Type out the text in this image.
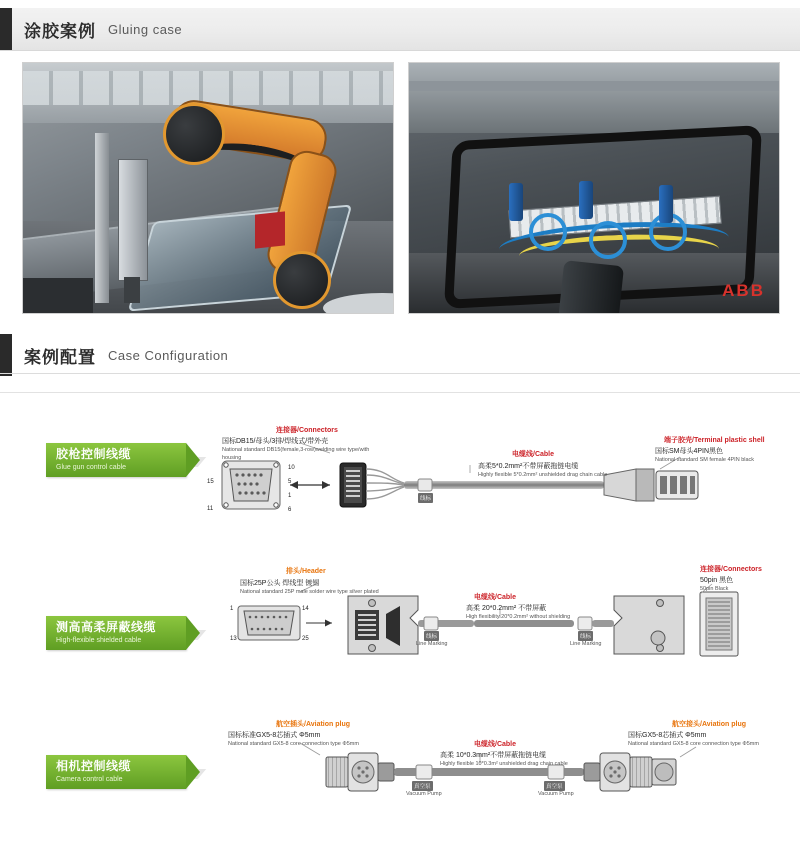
涂胶案例 Gluing case
ABB
案例配置 Case Configuration
胶枪控制线缆
Glue gun control cable
15
11
10
5
1
6
连接器/Connectors
国标DB15/母头/3排/焊线式/带外壳
National standard DB15(female,3-row)welding wire type/with housing	电缆线/Cable
高柔5*0.2mm²不带屏蔽拖链电缆
Highly flexible 5*0.2mm² unshielded drag chain cable
端子胶壳/Terminal plastic shell
国标SM母头4PIN黑色
National standard SM female 4PIN black
线标
测高高柔屏蔽线缆
High-flexible shielded cable
排头/Header
国标25P公头 焊线型 镀锡
National standard 25P male solder wire type silver plated
电缆线/Cable
高柔 20*0.2mm² 不带屏蔽
High flexibility 20*0.2mm² without shielding
连接器/Connectors
50pin 黑色
50pin Black
线标
Line Marking
线标
Line Marking
1	14
13	25
相机控制线缆
Camera control cable
航空插头/Aviation plug
国标标准GX5-8芯插式 Φ5mm
National standard GX5-8 core connection type Φ5mm	电缆线/Cable
高柔 10*0.3mm²不带屏蔽拖链电缆
Highly flexible 10*0.3m² unshielded drag chain cable
航空接头/Aviation plug
国标GX5-8芯插式 Φ5mm
National standard GX5-8 core connection type Φ5mm
真空泵
Vacuum Pump
真空泵
Vacuum Pump
